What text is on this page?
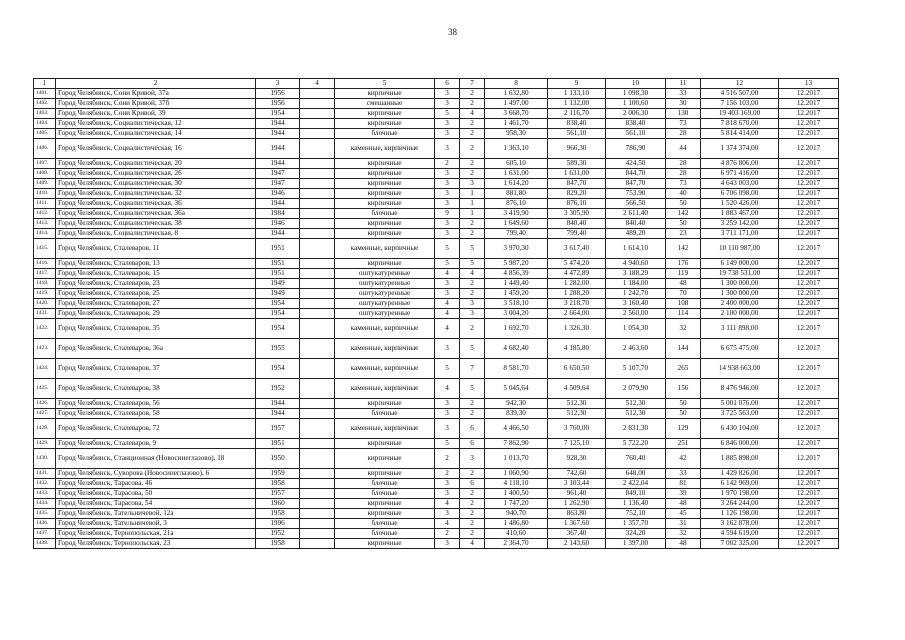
38
1	2	3	4	5	6	7	8	9	10	11	12	13
1401.	Город Челябинск, Сони Кривой, 37а	1956		кирпичные	3	2	1 632,80	1 133,10	1 098,30	33	4 516 507,00	12.2017
1402.	Город Челябинск, Сони Кривой, 37б	1956		смешанные	3	2	1 497,00	1 132,00	1 100,60	30	7 156 103,00	12.2017
1403.	Город Челябинск, Сони Кривой, 39	1954		кирпичные	5	4	3 668,70	2 116,70	2 006,30	130	19 403 169,00	12.2017
1404.	Город Челябинск, Социалистическая, 12	1944		кирпичные	3	2	1 461,70	838,40	838,40	73	7 818 670,00	12.2017
1405.	Город Челябинск, Социалистическая, 14	1944		блочные	3	2	958,30	561,10	561,10	28	5 814 414,00	12.2017
1406.	Город Челябинск, Социалистическая, 16	1944		каменные, кирпичные	3	2	1 363,10	966,30	786,90	44	1 374 374,00	12.2017
1407.	Город Челябинск, Социалистическая, 20	1944		кирпичные	2	2	605,10	589,30	424,50	28	4 876 806,00	12.2017
1408.	Город Челябинск, Социалистическая, 26	1947		кирпичные	3	2	1 631,00	1 631,00	844,70	28	6 971 416,00	12.2017
1409.	Город Челябинск, Социалистическая, 30	1947		кирпичные	3	3	1 614,20	847,70	847,70	73	4 643 003,00	12.2017
1410.	Город Челябинск, Социалистическая, 32	1946		кирпичные	3	1	881,80	829,20	753,90	40	6 706 098,00	12.2017
1411.	Город Челябинск, Социалистическая, 36	1944		кирпичные	3	1	876,10	876,10	566,50	50	1 520 426,00	12.2017
1412.	Город Челябинск, Социалистическая, 36а	1984		блочные	9	1	3 419,90	3 305,90	2 611,40	142	1 883 467,00	12.2017
1413.	Город Челябинск, Социалистическая, 38	1946		кирпичные	3	2	1 649,60	840,40	840,40	50	3 259 142,00	12.2017
1414.	Город Челябинск, Социалистическая, 8	1944		кирпичные	3	2	799,40	799,40	489,20	23	3 711 171,00	12.2017
1415.	Город Челябинск, Сталеваров, 11	1951		каменные, кирпичные	5	5	3 970,30	3 617,40	1 614,10	142	10 110 987,00	12.2017
1416.	Город Челябинск, Сталеваров, 13	1951		кирпичные	5	5	5 987,20	5 474,20	4 940,60	176	6 149 000,00	12.2017
1417.	Город Челябинск, Сталеваров, 15	1951		оштукатуренные	4	4	4 856,39	4 472,89	3 188,29	119	19 738 531,00	12.2017
1418.	Город Челябинск, Сталеваров, 23	1949		оштукатуренные	3	2	1 449,40	1 282,00	1 184,00	48	1 300 000,00	12.2017
1419.	Город Челябинск, Сталеваров, 25	1949		оштукатуренные	3	2	1 459,20	1 288,20	1 242,70	70	1 300 000,00	12.2017
1420.	Город Челябинск, Сталеваров, 27	1954		оштукатуренные	4	3	3 518,10	3 218,70	3 160,40	108	2 400 000,00	12.2017
1421.	Город Челябинск, Сталеваров, 29	1954		оштукатуренные	4	3	3 004,20	2 664,00	2 560,00	114	2 100 000,00	12.2017
1422.	Город Челябинск, Сталеваров, 35	1954		каменные, кирпичные	4	2	1 692,70	1 326,30	1 054,30	32	3 111 898,00	12.2017
1423.	Город Челябинск, Сталеваров, 36а	1955		каменные, кирпичные	3	5	4 682,40	4 185,80	2 463,60	144	6 675 475,00	12.2017
1424.	Город Челябинск, Сталеваров, 37	1954		каменные, кирпичные	5	7	8 581,70	6 650,50	5 107,70	265	14 938 663,00	12.2017
1425.	Город Челябинск, Сталеваров, 38	1952		каменные, кирпичные	4	5	5 045,64	4 509,64	2 079,90	156	8 476 946,00	12.2017
1426.	Город Челябинск, Сталеваров, 56	1944		кирпичные	3	2	942,30	512,30	512,30	50	5 001 076,00	12.2017
1427.	Город Челябинск, Сталеваров, 58	1944		блочные	3	2	839,30	512,30	512,30	50	3 725 563,00	12.2017
1428.	Город Челябинск, Сталеваров, 72	1957		каменные, кирпичные	3	6	4 466,50	3 760,00	2 831,30	129	6 430 104,00	12.2017
1429.	Город Челябинск, Сталеваров, 9	1951		кирпичные	5	6	7 862,90	7 125,10	5 722,20	251	6 846 000,00	12.2017
1430.	Город Челябинск, Станционная (Новосинеглазово), 18	1950		кирпичные	2	3	1 013,70	928,30	760,40	42	1 885 898,00	12.2017
1431.	Город Челябинск, Суворова (Новосинеглазово), 6	1959		кирпичные	2	2	1 060,90	742,60	648,00	33	1 429 826,00	12.2017
1432.	Город Челябинск, Тарасова, 46	1958		блочные	3	6	4 118,10	3 103,44	2 422,04	81	6 142 969,00	12.2017
1433.	Город Челябинск, Тарасова, 50	1957		блочные	3	2	1 400,50	961,40	849,10	39	1 970 198,00	12.2017
1434.	Город Челябинск, Тарасова, 54	1960		кирпичные	4	2	1 747,20	1 262,90	1 136,40	48	3 264 244,00	12.2017
1435.	Город Челябинск, Тательничевой, 12а	1958		кирпичные	3	2	940,70	863,80	752,10	45	1 126 198,00	12.2017
1436.	Город Челябинск, Тательничевой, 3	1996		блочные	4	2	1 486,80	1 367,60	1 357,70	31	3 162 878,00	12.2017
1437.	Город Челябинск, Тернопольская, 21а	1952		блочные	2	2	410,60	367,40	324,20	32	4 594 619,00	12.2017
1438.	Город Челябинск, Тернопольская, 23	1958		кирпичные	3	4	2 364,70	2 143,60	1 397,00	48	7 002 325,00	12.2017
